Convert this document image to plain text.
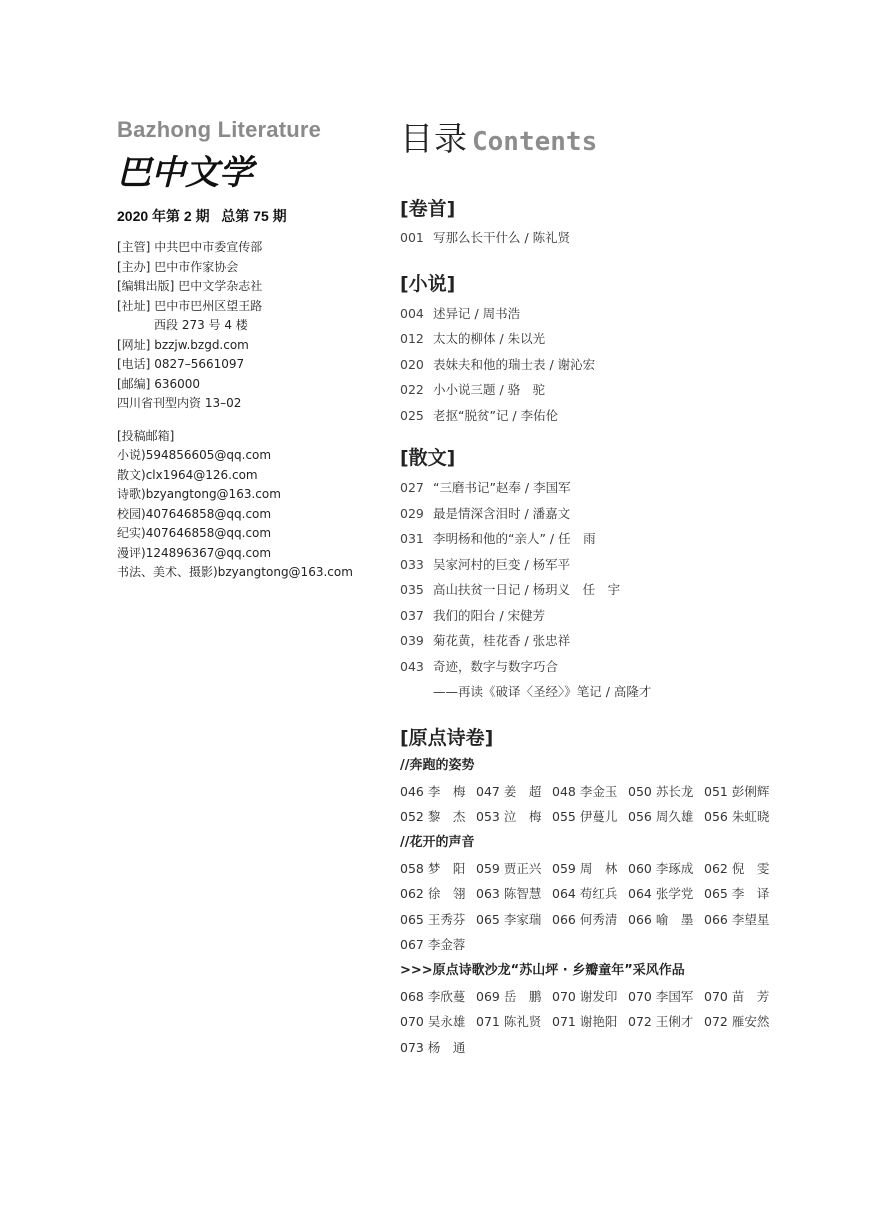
Bazhong Literature
巴中文学
2020 年第 2 期   总第 75 期
[主管] 中共巴中市委宣传部
[主办] 巴中市作家协会
[编辑出版] 巴中文学杂志社
[社址] 巴中市巴州区望王路
西段 273 号 4 楼
[网址] bzzjw.bzgd.com
[电话] 0827–5661097
[邮编] 636000
四川省刊型内资 13–02
[投稿邮箱]
小说)594856605@qq.com
散文)clx1964@126.com
诗歌)bzyangtong@163.com
校园)407646858@qq.com
纪实)407646858@qq.com
漫评)124896367@qq.com
书法、美术、摄影)bzyangtong@163.com
目录 Contents
[卷首]
001 写那么长干什么 / 陈礼贤
[小说]
004 述异记 / 周书浩
012 太太的柳体 / 朱以光
020 表妹夫和他的瑞士表 / 谢沁宏
022 小小说三题 / 骆　驼
025 老抠“脱贫”记 / 李佑伦
[散文]
027 “三磨书记”赵奉 / 李国军
029 最是情深含泪时 / 潘嘉文
031 李明杨和他的“亲人” / 任　雨
033 吴家河村的巨变 / 杨军平
035 高山扶贫一日记 / 杨玥义　任　宇
037 我们的阳台 / 宋健芳
039 菊花黄，桂花香 / 张忠祥
043 奇迹，数字与数字巧合
——再读《破译〈圣经〉》笔记 / 高隆才
[原点诗卷]
//奔跑的姿势
046 李　梅 047 姜　超 048 李金玉 050 苏长龙 051 彭俐辉
052 黎　杰 053 泣　梅 055 伊蔓儿 056 周久雄 056 朱虹晓
//花开的声音
058 梦　阳 059 贾正兴 059 周　林 060 李琢成 062 倪　雯
062 徐　翎 063 陈智慧 064 苟红兵 064 张学党 065 李　译
065 王秀芬 065 李家瑞 066 何秀清 066 喻　墨 066 李望星
067 李金蓉
>>>原点诗歌沙龙“苏山坪 · 乡瓣童年”采风作品
068 李欣蔓 069 岳　鹏 070 谢发印 070 李国军 070 苗　芳
070 吴永雄 071 陈礼贤 071 谢艳阳 072 王俐才 072 雁安然
073 杨　通
